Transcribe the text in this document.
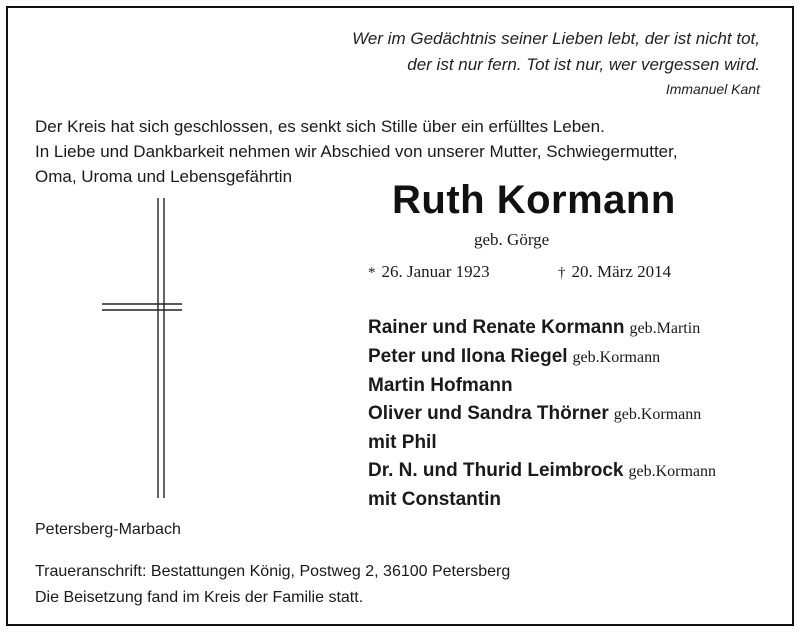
Wer im Gedächtnis seiner Lieben lebt, der ist nicht tot,
der ist nur fern. Tot ist nur, wer vergessen wird.
Immanuel Kant
Der Kreis hat sich geschlossen, es senkt sich Stille über ein erfülltes Leben.
In Liebe und Dankbarkeit nehmen wir Abschied von unserer Mutter, Schwiegermutter,
Oma, Uroma und Lebensgefährtin
Ruth Kormann
geb. Görge
* 26. Januar 1923	† 20. März 2014
Rainer und Renate Kormann geb.Martin
Peter und Ilona Riegel geb.Kormann
Martin Hofmann
Oliver und Sandra Thörner geb.Kormann
mit Phil
Dr. N. und Thurid Leimbrock geb.Kormann
mit Constantin
Petersberg-Marbach
Traueranschrift: Bestattungen König, Postweg 2, 36100 Petersberg
Die Beisetzung fand im Kreis der Familie statt.
